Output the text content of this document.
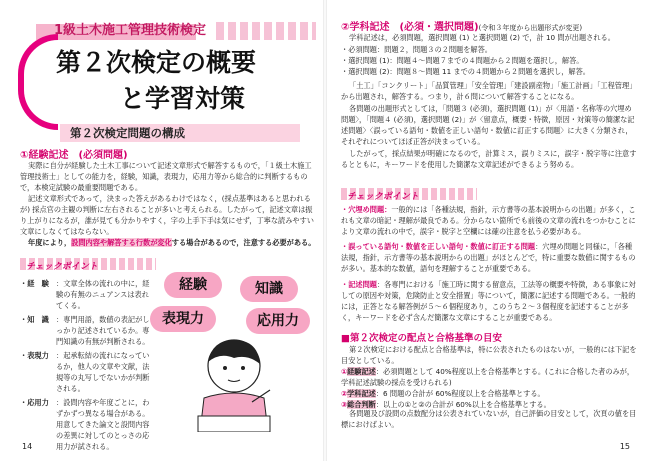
1級土木施工管理技術検定
第２次検定の概要
と学習対策
第２次検定問題の構成
①経験記述　(必須問題)
実際に自分が経験した土木工事について記述文章形式で解答するもので，「１級土木施工管理技術士」としての能力を，経験，知識，表現力，応用力等から総合的に判断するもので，本検定試験の最重要問題である。
記述文章形式であって，決まった答えがあるわけではなく，(採点基準はあると思われるが) 採点官の主観の判断に左右されることが多いと考えられる。したがって，記述文章は振り上がりになるが，誰が見ても分かりやすく，字の上手下手は気にせず，丁寧な読みやすい文章にしなくてはならない。
年度により，設問内容や解答する行数が変化する場合があるので，注意する必要がある。
チェックポイント
・経　験	：文章全体の流れの中に，経験の有無のニュアンスは表れてくる。
・知　識	：専門用語，数値の表記がしっかり記述されているか。専門知識の有無が判断される。
・表現力	：起承転結の流れになっているか，他人の文章や文献，法規等の丸写しでないかが判断される。
・応用力	：設問内容や年度ごとに，わずかずつ異なる場合がある。用意してきた論文と設問内容の差異に対してのとっさの応用力が試される。
経験	知識
表現力	応用力
14
②学科記述　(必須・選択問題)(令和３年度から出題形式が変更)
学科記述は，必須問題，選択問題 (1) と選択問題 (2) で，計 10 問が出題される。
・必須問題：問題２，問題３の２問題を解答。
・選択問題 (1)：問題４〜問題７までの４問題から２問題を選択し，解答。
・選択問題 (2)：問題８〜問題 11 までの４問題から２問題を選択し，解答。
「土工」「コンクリート」「品質管理」「安全管理」「建設副産物」「施工計画」「工程管理」から出題され，解答する。つまり，計６問について解答することになる。
各問題の出題形式としては，「問題３ (必須)，選択問題 (1)」が〈用語・名称等の穴埋め問題〉，「問題４ (必須)，選択問題 (2)」が〈留意点，概要・特徴，原因・対策等の簡潔な記述問題〉〈誤っている語句・数値を正しい語句・数値に訂正する問題〉に大きく分類され，それぞれについてほぼ正答が決まっている。
したがって，採点結果が明確になるので，計算ミス，誤りミスに，誤字・脱字等に注意するとともに，キーワードを使用した簡潔な文章記述ができるよう努める。
チェックポイント
・穴埋め問題：一般的には「各種法規，指針，示方書等の基本説明からの出題」が多く，これも文章の暗記・理解が最良である。分からない箇所でも前後の文章の流れをつかむことにより文章の流れの中で，誤字・脱字と空欄には確の注意を払う必要がある。
・誤っている語句・数値を正しい語句・数値に訂正する問題：穴埋め問題と同様に，「各種法規，指針，示方書等の基本説明からの出題」がほとんどで，特に重要な数値に関するものが多い。基本的な数値，語句を理解することが重要である。
・記述問題：各専門における「施工時に関する留意点，工法等の概要や特徴，ある事象に対しての原因や対策，危険防止と安全措置」等について，簡潔に記述する問題である。一般的には，正答となる解答例が５〜６個程度あり，このうち２〜３個程度を記述することが多く，キーワードを必ず含んだ簡潔な文章にすることが重要である。
■第２次検定の配点と合格基準の目安
第２次検定における配点と合格基準は，特に公表されたものはないが，一般的には下記を目安としている。
①経験記述：必須問題として 40%程度以上を合格基準とする。(これに合格した者のみが，学科記述試験の採点を受けられる)
②学科記述：6 問題の合計が 60%程度以上を合格基準とする。
③総合判断：以上の①と②の合計が 60%以上を合格基準とする。
各問題及び設問の点数配分は公表されていないが，自己評価の目安として，次頁の値を目標におけばよい。
15
